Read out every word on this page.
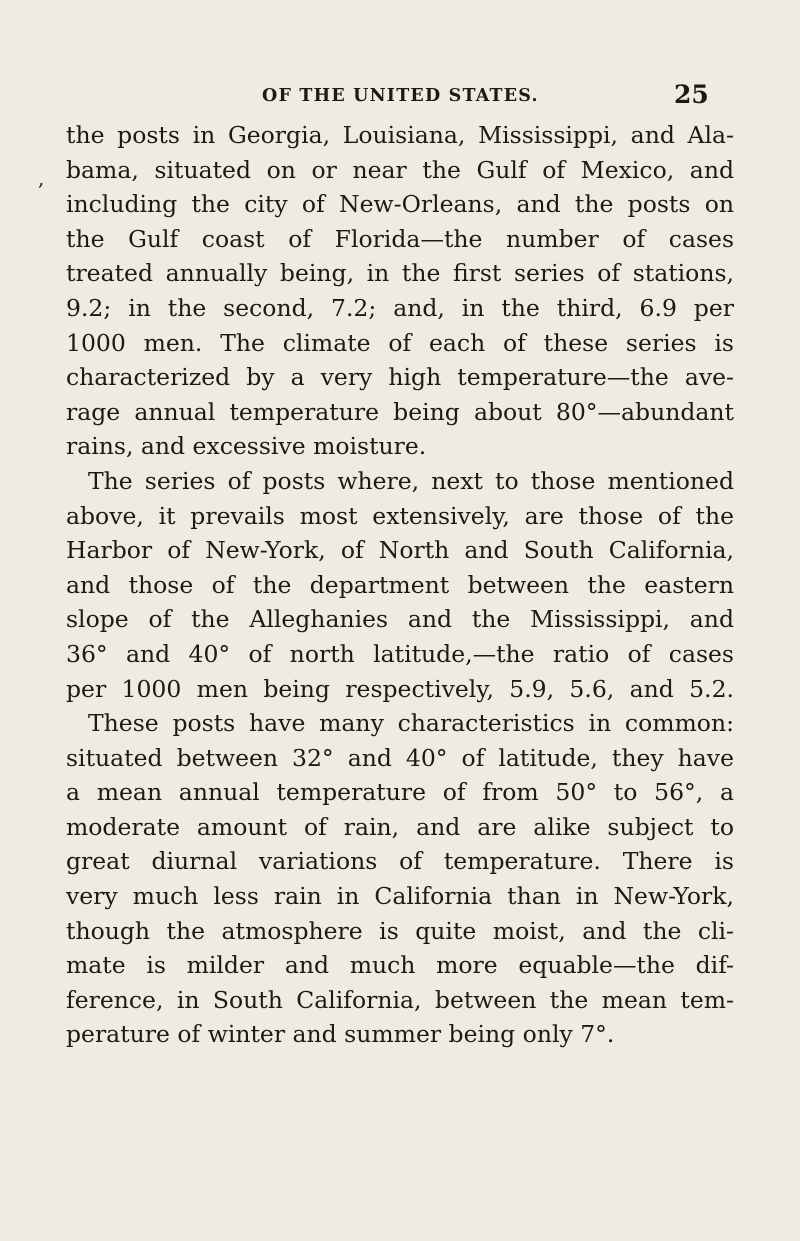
OF THE UNITED STATES.	25
,
the posts in Georgia, Louisiana, Mississippi, and Ala-
bama, situated on or near the Gulf of Mexico, and
including the city of New-Orleans, and the posts on
the Gulf coast of Florida—the number of cases
treated annually being, in the first series of stations,
9.2; in the second, 7.2; and, in the third, 6.9 per
1000 men. The climate of each of these series is
characterized by a very high temperature—the ave-
rage annual temperature being about 80°—abundant
rains, and excessive moisture.
The series of posts where, next to those mentioned
above, it prevails most extensively, are those of the
Harbor of New-York, of North and South California,
and those of the department between the eastern
slope of the Alleghanies and the Mississippi, and
36° and 40° of north latitude,—the ratio of cases
per 1000 men being respectively, 5.9, 5.6, and 5.2.
These posts have many characteristics in common:
situated between 32° and 40° of latitude, they have
a mean annual temperature of from 50° to 56°, a
moderate amount of rain, and are alike subject to
great diurnal variations of temperature. There is
very much less rain in California than in New-York,
though the atmosphere is quite moist, and the cli-
mate is milder and much more equable—the dif-
ference, in South California, between the mean tem-
perature of winter and summer being only 7°.
